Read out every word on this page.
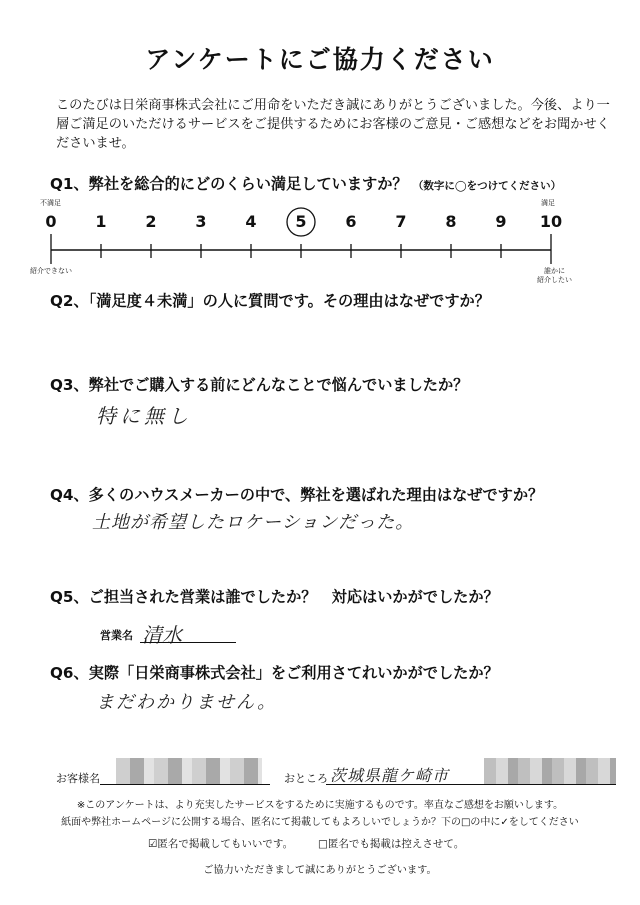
アンケートにご協力ください
このたびは日栄商事株式会社にご用命をいただき誠にありがとうございました。今後、より一層ご満足のいただけるサービスをご提供するためにお客様のご意見・ご感想などをお聞かせくださいませ。
Q1、弊社を総合的にどのくらい満足していますか？ （数字に◯をつけてください）
不満足	満足
0	1	2	3	4	5	6	7	8	9	10
紹介できない	誰かに
紹介したい
Q2、「満足度４未満」の人に質問です。その理由はなぜですか？
Q3、弊社でご購入する前にどんなことで悩んでいましたか？
特に無し
Q4、多くのハウスメーカーの中で、弊社を選ばれた理由はなぜですか？
土地が希望したロケーションだった。
Q5、ご担当された営業は誰でしたか？　対応はいかがでしたか？
営業名 清水
Q6、実際「日栄商事株式会社」をご利用さてれいかがでしたか？
まだわかりません。
お客様名	おところ 茨城県龍ケ崎市
※このアンケートは、より充実したサービスをするために実施するものです。率直なご感想をお願いします。
紙面や弊社ホームページに公開する場合、匿名にて掲載してもよろしいでしょうか？下の□の中に✓をしてください
☑匿名で掲載してもいいです。 □匿名でも掲載は控えさせて。
ご協力いただきまして誠にありがとうございます。
